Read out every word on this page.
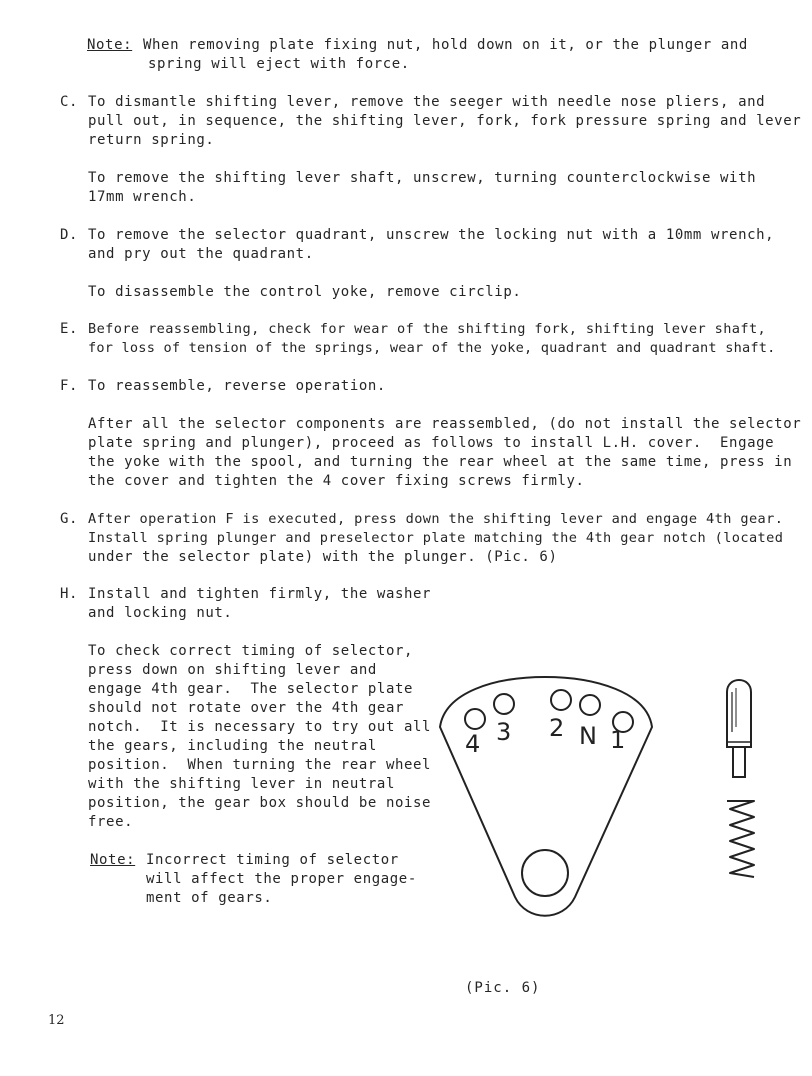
Note: When removing plate fixing nut, hold down on it, or the plunger and

spring will eject with force.

C. To dismantle shifting lever, remove the seeger with needle nose pliers, and

pull out, in sequence, the shifting lever, fork, fork pressure spring and lever

return spring.

To remove the shifting lever shaft, unscrew, turning counterclockwise with

17mm wrench.

D. To remove the selector quadrant, unscrew the locking nut with a 10mm wrench,

and pry out the quadrant.

To disassemble the control yoke, remove circlip.

E. Before reassembling, check for wear of the shifting fork, shifting lever shaft,

for loss of tension of the springs, wear of the yoke, quadrant and quadrant shaft.

F. To reassemble, reverse operation.

After all the selector components are reassembled, (do not install the selector

plate spring and plunger), proceed as follows to install L.H. cover.  Engage

the yoke with the spool, and turning the rear wheel at the same time, press in

the cover and tighten the 4 cover fixing screws firmly.

G. After operation F is executed, press down the shifting lever and engage 4th gear.

Install spring plunger and preselector plate matching the 4th gear notch (located

under the selector plate) with the plunger. (Pic. 6)

H. Install and tighten firmly, the washer

and locking nut.

To check correct timing of selector,

press down on shifting lever and

engage 4th gear.  The selector plate

should not rotate over the 4th gear

notch.  It is necessary to try out all

the gears, including the neutral

position.  When turning the rear wheel

with the shifting lever in neutral

position, the gear box should be noise

free.

Note: Incorrect timing of selector

will affect the proper engage-

ment of gears.

4 3 2 N 1
(Pic. 6)
12
